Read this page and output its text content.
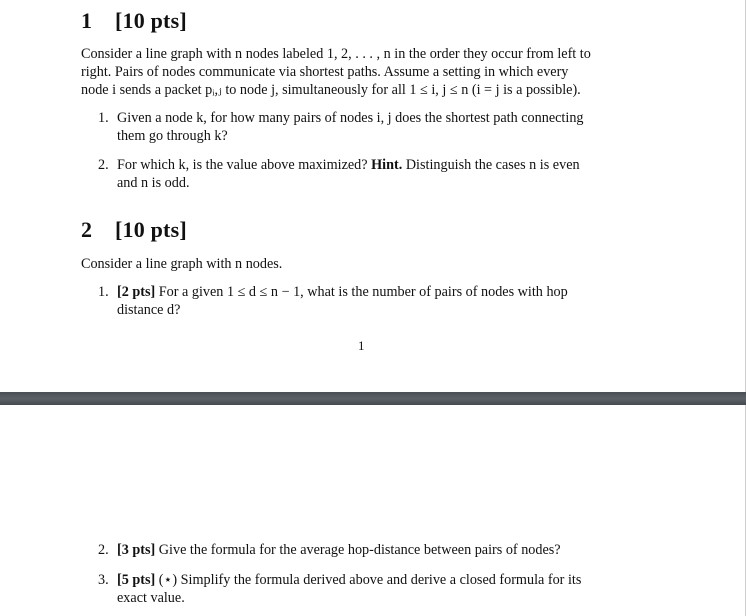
1 [10 pts]
Consider a line graph with n nodes labeled 1, 2, . . . , n in the order they occur from left to
right. Pairs of nodes communicate via shortest paths. Assume a setting in which every
node i sends a packet pᵢ,ⱼ to node j, simultaneously for all 1 ≤ i, j ≤ n (i = j is a possible).
1. Given a node k, for how many pairs of nodes i, j does the shortest path connecting
them go through k?
2. For which k, is the value above maximized? Hint. Distinguish the cases n is even
and n is odd.
2 [10 pts]
Consider a line graph with n nodes.
1. [2 pts] For a given 1 ≤ d ≤ n − 1, what is the number of pairs of nodes with hop
distance d?
1
2. [3 pts] Give the formula for the average hop-distance between pairs of nodes?
3. [5 pts] (⋆) Simplify the formula derived above and derive a closed formula for its
exact value.
